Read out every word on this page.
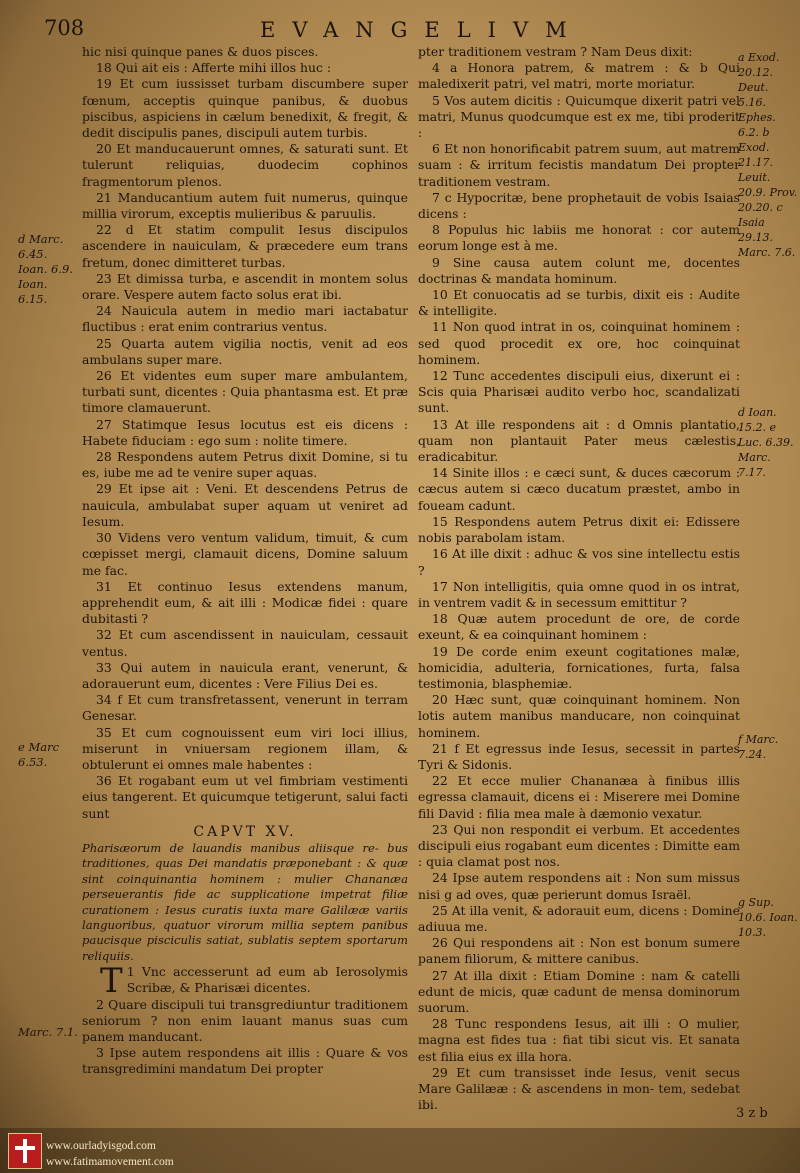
708	EVANGELIVM
d Marc. 6.45. Ioan. 6.9. Ioan. 6.15.
e Marc 6.53.
Marc. 7.1.
a Exod. 20.12. Deut. 5.16. Ephes. 6.2. b Exod. 21.17. Leuit. 20.9. Prov. 20.20. c Isaia 29.13. Marc. 7.6.
d Ioan. 15.2. e Luc. 6.39. Marc. 7.17.
f Marc. 7.24.
g Sup. 10.6. Ioan. 10.3.

hic nisi quinque panes & duos pisces.

18 Qui ait eis : Afferte mihi illos huc :

19 Et cum iussisset turbam discumbere super fœnum, acceptis quinque panibus, & duobus piscibus, aspiciens in cælum benedixit, & fregit, & dedit discipulis panes, discipuli autem turbis.

20 Et manducauerunt omnes, & saturati sunt. Et tulerunt reliquias, duodecim cophinos fragmentorum plenos.

21 Manducantium autem fuit numerus, quinque millia virorum, exceptis mulieribus & paruulis.

22 d Et statim compulit Iesus discipulos ascendere in nauiculam, & præcedere eum trans fretum, donec dimitteret turbas.

23 Et dimissa turba, e ascendit in montem solus orare. Vespere autem facto solus erat ibi.

24 Nauicula autem in medio mari iactabatur fluctibus : erat enim contrarius ventus.

25 Quarta autem vigilia noctis, venit ad eos ambulans super mare.

26 Et videntes eum super mare ambulantem, turbati sunt, dicentes : Quia phantasma est. Et præ timore clamauerunt.

27 Statimque Iesus locutus est eis dicens : Habete fiduciam : ego sum : nolite timere.

28 Respondens autem Petrus dixit Domine, si tu es, iube me ad te venire super aquas.

29 Et ipse ait : Veni. Et descendens Petrus de nauicula, ambulabat super aquam ut veniret ad Iesum.

30 Videns vero ventum validum, timuit, & cum cœpisset mergi, clamauit dicens, Domine saluum me fac.

31 Et continuo Iesus extendens manum, apprehendit eum, & ait illi : Modicæ fidei : quare dubitasti ?

32 Et cum ascendissent in nauiculam, cessauit ventus.

33 Qui autem in nauicula erant, venerunt, & adorauerunt eum, dicentes : Vere Filius Dei es.

34 f Et cum transfretassent, venerunt in terram Genesar.

35 Et cum cognouissent eum viri loci illius, miserunt in vniuersam regionem illam, & obtulerunt ei omnes male habentes :

36 Et rogabant eum ut vel fimbriam vestimenti eius tangerent. Et quicumque tetigerunt, salui facti sunt

CAPVT XV.

Pharisæorum de lauandis manibus aliisque re- bus traditiones, quas Dei mandatis præponebant : & quæ sint coinquinantia hominem : mulier Chananæa perseuerantis fide ac supplicatione impetrat filiæ curationem : Iesus curatis iuxta mare Galilææ variis languoribus, quatuor virorum millia septem panibus paucisque pisciculis satiat, sublatis septem sportarum reliquiis.

T 1 Vnc accesserunt ad eum ab Ierosolymis Scribæ, & Pharisæi dicentes.

2 Quare discipuli tui transgrediuntur traditionem seniorum ? non enim lauant manus suas cum panem manducant.

3 Ipse autem respondens ait illis : Quare & vos transgredimini mandatum Dei propter

pter traditionem vestram ? Nam Deus dixit:

4 a Honora patrem, & matrem : & b Qui maledixerit patri, vel matri, morte moriatur.

5 Vos autem dicitis : Quicumque dixerit patri vel matri, Munus quodcumque est ex me, tibi proderit :

6 Et non honorificabit patrem suum, aut matrem suam : & irritum fecistis mandatum Dei propter traditionem vestram.

7 c Hypocritæ, bene prophetauit de vobis Isaias dicens :

8 Populus hic labiis me honorat : cor autem eorum longe est à me.

9 Sine causa autem colunt me, docentes doctrinas & mandata hominum.

10 Et conuocatis ad se turbis, dixit eis : Audite & intelligite.

11 Non quod intrat in os, coinquinat hominem : sed quod procedit ex ore, hoc coinquinat hominem.

12 Tunc accedentes discipuli eius, dixerunt ei : Scis quia Pharisæi audito verbo hoc, scandalizati sunt.

13 At ille respondens ait : d Omnis plantatio, quam non plantauit Pater meus cælestis, eradicabitur.

14 Sinite illos : e cæci sunt, & duces cæcorum : cæcus autem si cæco ducatum præstet, ambo in foueam cadunt.

15 Respondens autem Petrus dixit ei: Edissere nobis parabolam istam.

16 At ille dixit : adhuc & vos sine intellectu estis ?

17 Non intelligitis, quia omne quod in os intrat, in ventrem vadit & in secessum emittitur ?

18 Quæ autem procedunt de ore, de corde exeunt, & ea coinquinant hominem :

19 De corde enim exeunt cogitationes malæ, homicidia, adulteria, fornicationes, furta, falsa testimonia, blasphemiæ.

20 Hæc sunt, quæ coinquinant hominem. Non lotis autem manibus manducare, non coinquinat hominem.

21 f Et egressus inde Iesus, secessit in partes Tyri & Sidonis.

22 Et ecce mulier Chananæa à finibus illis egressa clamauit, dicens ei : Miserere mei Domine fili David : filia mea male à dæmonio vexatur.

23 Qui non respondit ei verbum. Et accedentes discipuli eius rogabant eum dicentes : Dimitte eam : quia clamat post nos.

24 Ipse autem respondens ait : Non sum missus nisi g ad oves, quæ perierunt domus Israël.

25 At illa venit, & adorauit eum, dicens : Domine adiuua me.

26 Qui respondens ait : Non est bonum sumere panem filiorum, & mittere canibus.

27 At illa dixit : Etiam Domine : nam & catelli edunt de micis, quæ cadunt de mensa dominorum suorum.

28 Tunc respondens Iesus, ait illi : O mulier, magna est fides tua : fiat tibi sicut vis. Et sanata est filia eius ex illa hora.

29 Et cum transisset inde Iesus, venit secus Mare Galilææ : & ascendens in mon- tem, sedebat ibi.

3 z b
www.ourladyisgod.com
www.fatimamovement.com
